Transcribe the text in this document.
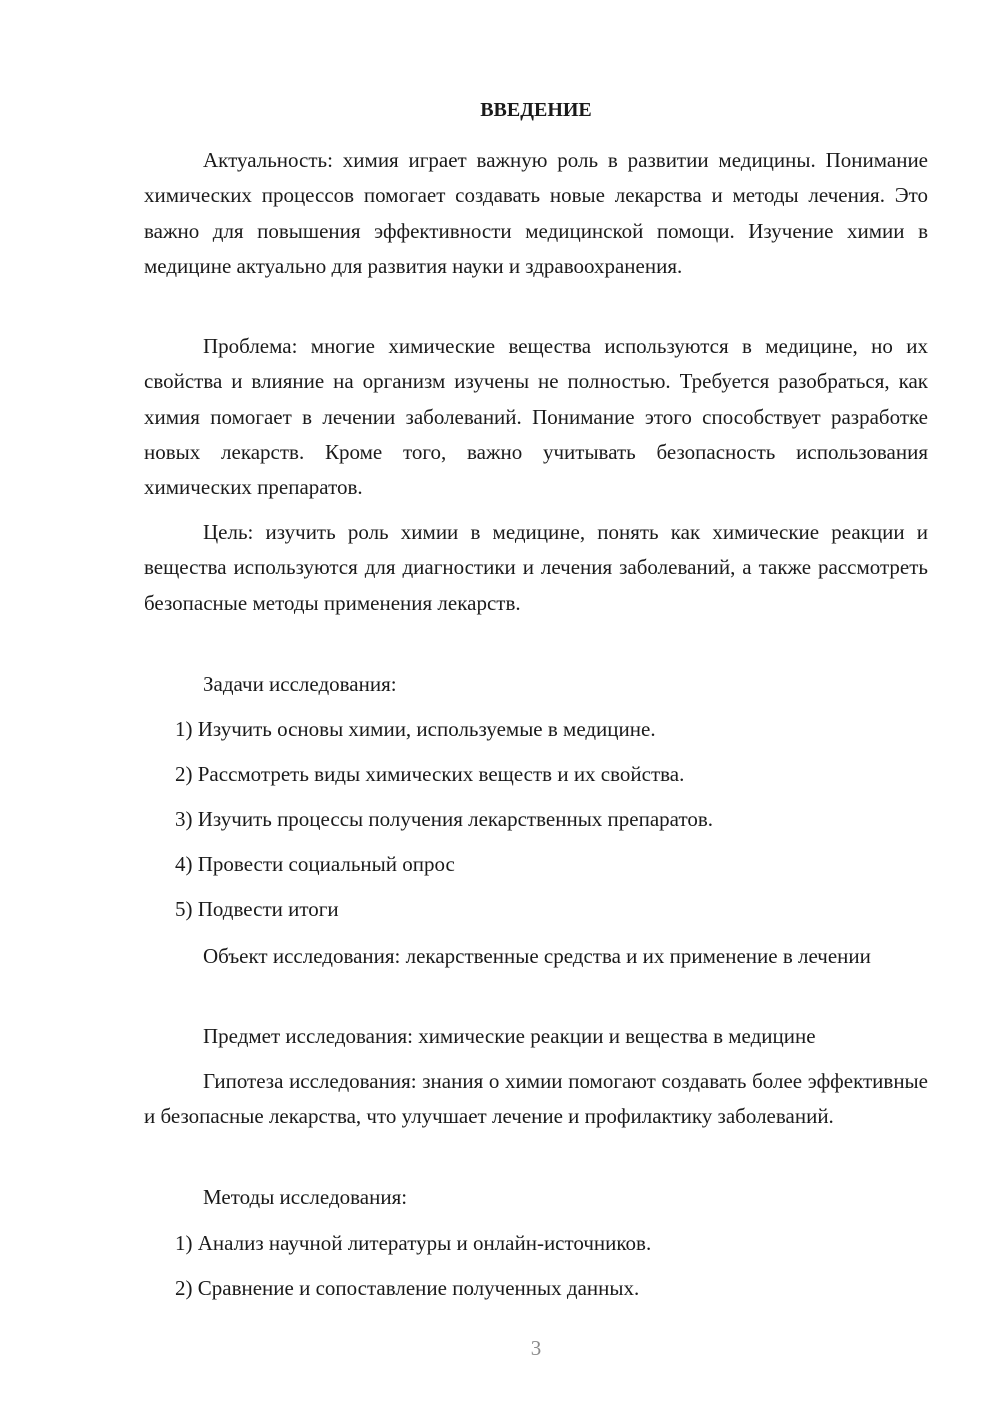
ВВЕДЕНИЕ

Актуальность: химия играет важную роль в развитии медицины. Понимание химических процессов помогает создавать новые лекарства и методы лечения. Это важно для повышения эффективности медицинской помощи. Изучение химии в медицине актуально для развития науки и здравоохранения.

Проблема: многие химические вещества используются в медицине, но их свойства и влияние на организм изучены не полностью. Требуется разобраться, как химия помогает в лечении заболеваний. Понимание этого способствует разработке новых лекарств. Кроме того, важно учитывать безопасность использования химических препаратов.

Цель: изучить роль химии в медицине, понять как химические реакции и вещества используются для диагностики и лечения заболеваний, а также рассмотреть безопасные методы применения лекарств.

Задачи исследования:

1) Изучить основы химии, используемые в медицине.

2) Рассмотреть виды химических веществ и их свойства.

3) Изучить процессы получения лекарственных препаратов.

4) Провести социальный опрос

5) Подвести итоги

Объект исследования: лекарственные средства и их применение в лечении

Предмет исследования: химические реакции и вещества в медицине

Гипотеза исследования: знания о химии помогают создавать более эффективные и безопасные лекарства, что улучшает лечение и профилактику заболеваний.

Методы исследования:

1) Анализ научной литературы и онлайн-источников.

2) Сравнение и сопоставление полученных данных.

3
